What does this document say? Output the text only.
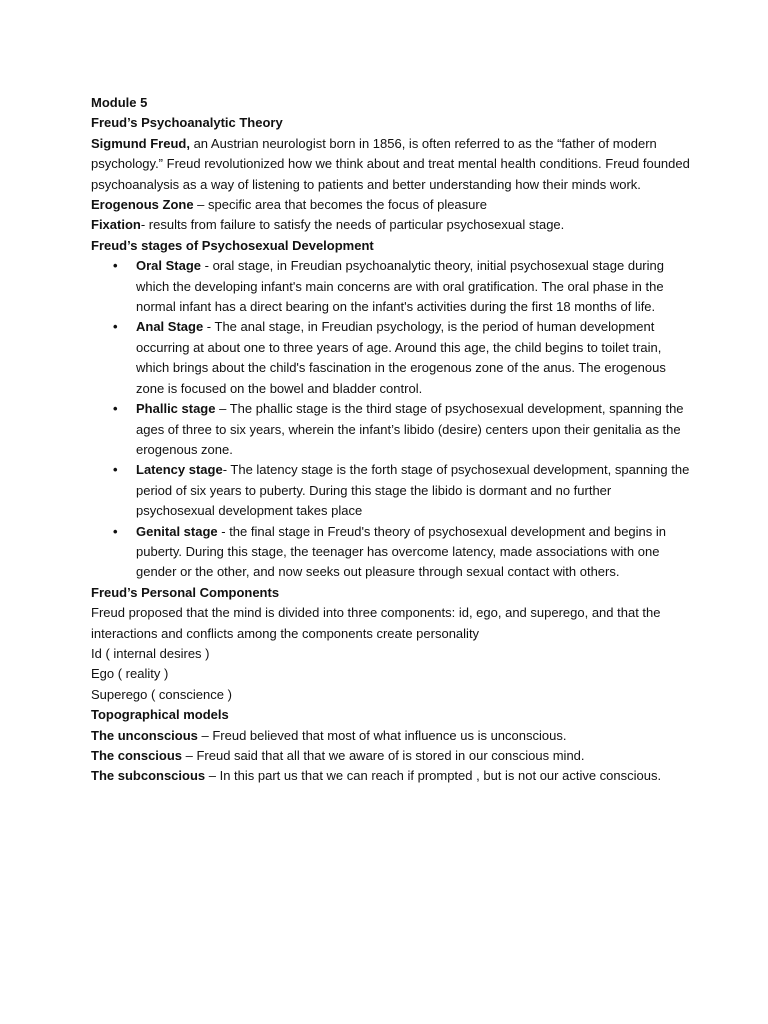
Module 5

Freud’s Psychoanalytic Theory

Sigmund Freud, an Austrian neurologist born in 1856, is often referred to as the “father of modern psychology.” Freud revolutionized how we think about and treat mental health conditions. Freud founded psychoanalysis as a way of listening to patients and better understanding how their minds work.

Erogenous Zone – specific area that becomes the focus of pleasure

Fixation- results from failure to satisfy the needs of particular psychosexual stage.

Freud’s stages of Psychosexual Development

• Oral Stage - oral stage, in Freudian psychoanalytic theory, initial psychosexual stage during which the developing infant's main concerns are with oral gratification. The oral phase in the normal infant has a direct bearing on the infant's activities during the first 18 months of life.
• Anal Stage - The anal stage, in Freudian psychology, is the period of human development occurring at about one to three years of age. Around this age, the child begins to toilet train, which brings about the child's fascination in the erogenous zone of the anus. The erogenous zone is focused on the bowel and bladder control.
• Phallic stage – The phallic stage is the third stage of psychosexual development, spanning the ages of three to six years, wherein the infant’s libido (desire) centers upon their genitalia as the erogenous zone.
• Latency stage- The latency stage is the forth stage of psychosexual development, spanning the period of six years to puberty. During this stage the libido is dormant and no further psychosexual development takes place
• Genital stage - the final stage in Freud's theory of psychosexual development and begins in puberty. During this stage, the teenager has overcome latency, made associations with one gender or the other, and now seeks out pleasure through sexual contact with others.

Freud’s Personal Components

Freud proposed that the mind is divided into three components: id, ego, and superego, and that the interactions and conflicts among the components create personality

Id ( internal desires )

Ego ( reality )

Superego ( conscience )

Topographical models

The unconscious – Freud believed that most of what influence us is unconscious.

The conscious – Freud said that all that we aware of is stored in our conscious mind.

The subconscious – In this part us that we can reach if prompted , but is not our active conscious.
